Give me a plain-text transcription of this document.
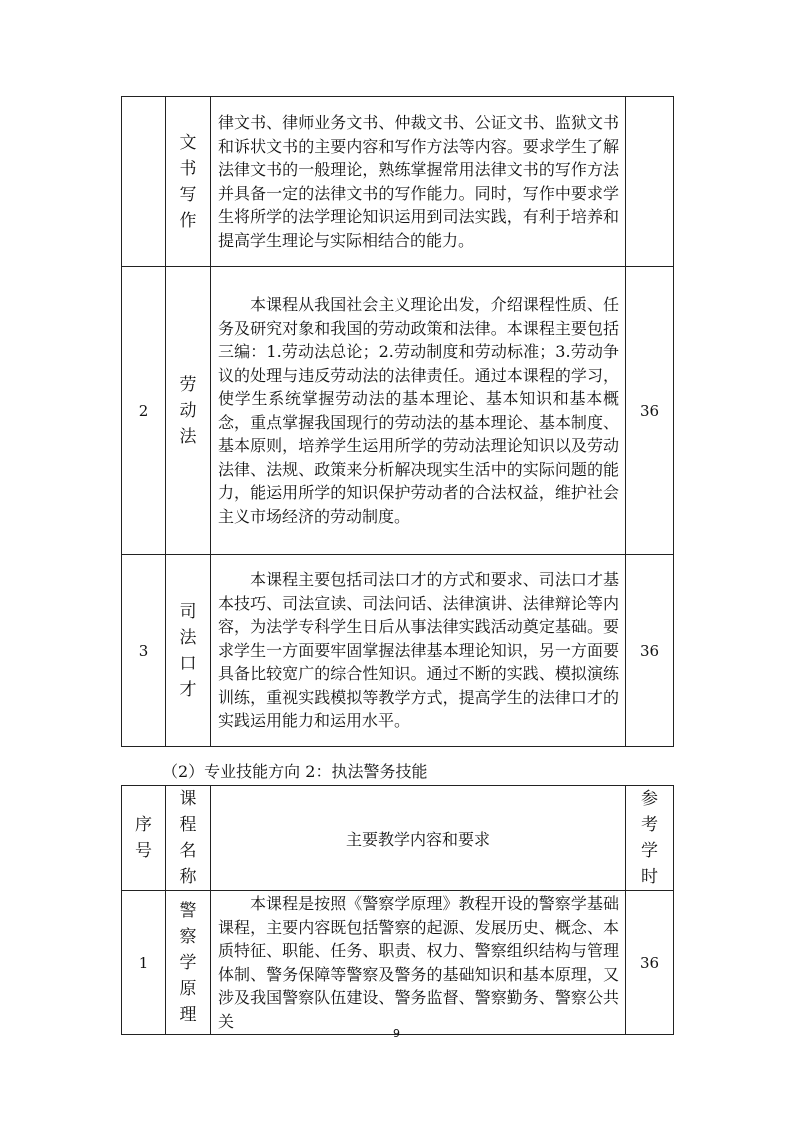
	文书写作	律文书、律师业务文书、仲裁文书、公证文书、监狱文书和诉状文书的主要内容和写作方法等内容。要求学生了解法律文书的一般理论，熟练掌握常用法律文书的写作方法并具备一定的法律文书的写作能力。同时，写作中要求学生将所学的法学理论知识运用到司法实践，有利于培养和提高学生理论与实际相结合的能力。	

2	劳动法	本课程从我国社会主义理论出发，介绍课程性质、任务及研究对象和我国的劳动政策和法律。本课程主要包括三编：1.劳动法总论；2.劳动制度和劳动标准；3.劳动争议的处理与违反劳动法的法律责任。通过本课程的学习，使学生系统掌握劳动法的基本理论、基本知识和基本概念，重点掌握我国现行的劳动法的基本理论、基本制度、基本原则，培养学生运用所学的劳动法理论知识以及劳动法律、法规、政策来分析解决现实生活中的实际问题的能力，能运用所学的知识保护劳动者的合法权益，维护社会主义市场经济的劳动制度。	36
3	司法口才	本课程主要包括司法口才的方式和要求、司法口才基本技巧、司法宣读、司法问话、法律演讲、法律辩论等内容，为法学专科学生日后从事法律实践活动奠定基础。要求学生一方面要牢固掌握法律基本理论知识，另一方面要具备比较宽广的综合性知识。通过不断的实践、模拟演练训练，重视实践模拟等教学方式，提高学生的法律口才的实践运用能力和运用水平。	36
（2）专业技能方向 2：执法警务技能
序号	课程名称	主要教学内容和要求	参考学时
1	警察学原理	本课程是按照《警察学原理》教程开设的警察学基础课程，主要内容既包括警察的起源、发展历史、概念、本质特征、职能、任务、职责、权力、警察组织结构与管理体制、警务保障等警察及警务的基础知识和基本原理，又涉及我国警察队伍建设、警务监督、警察勤务、警察公共关	36
9
